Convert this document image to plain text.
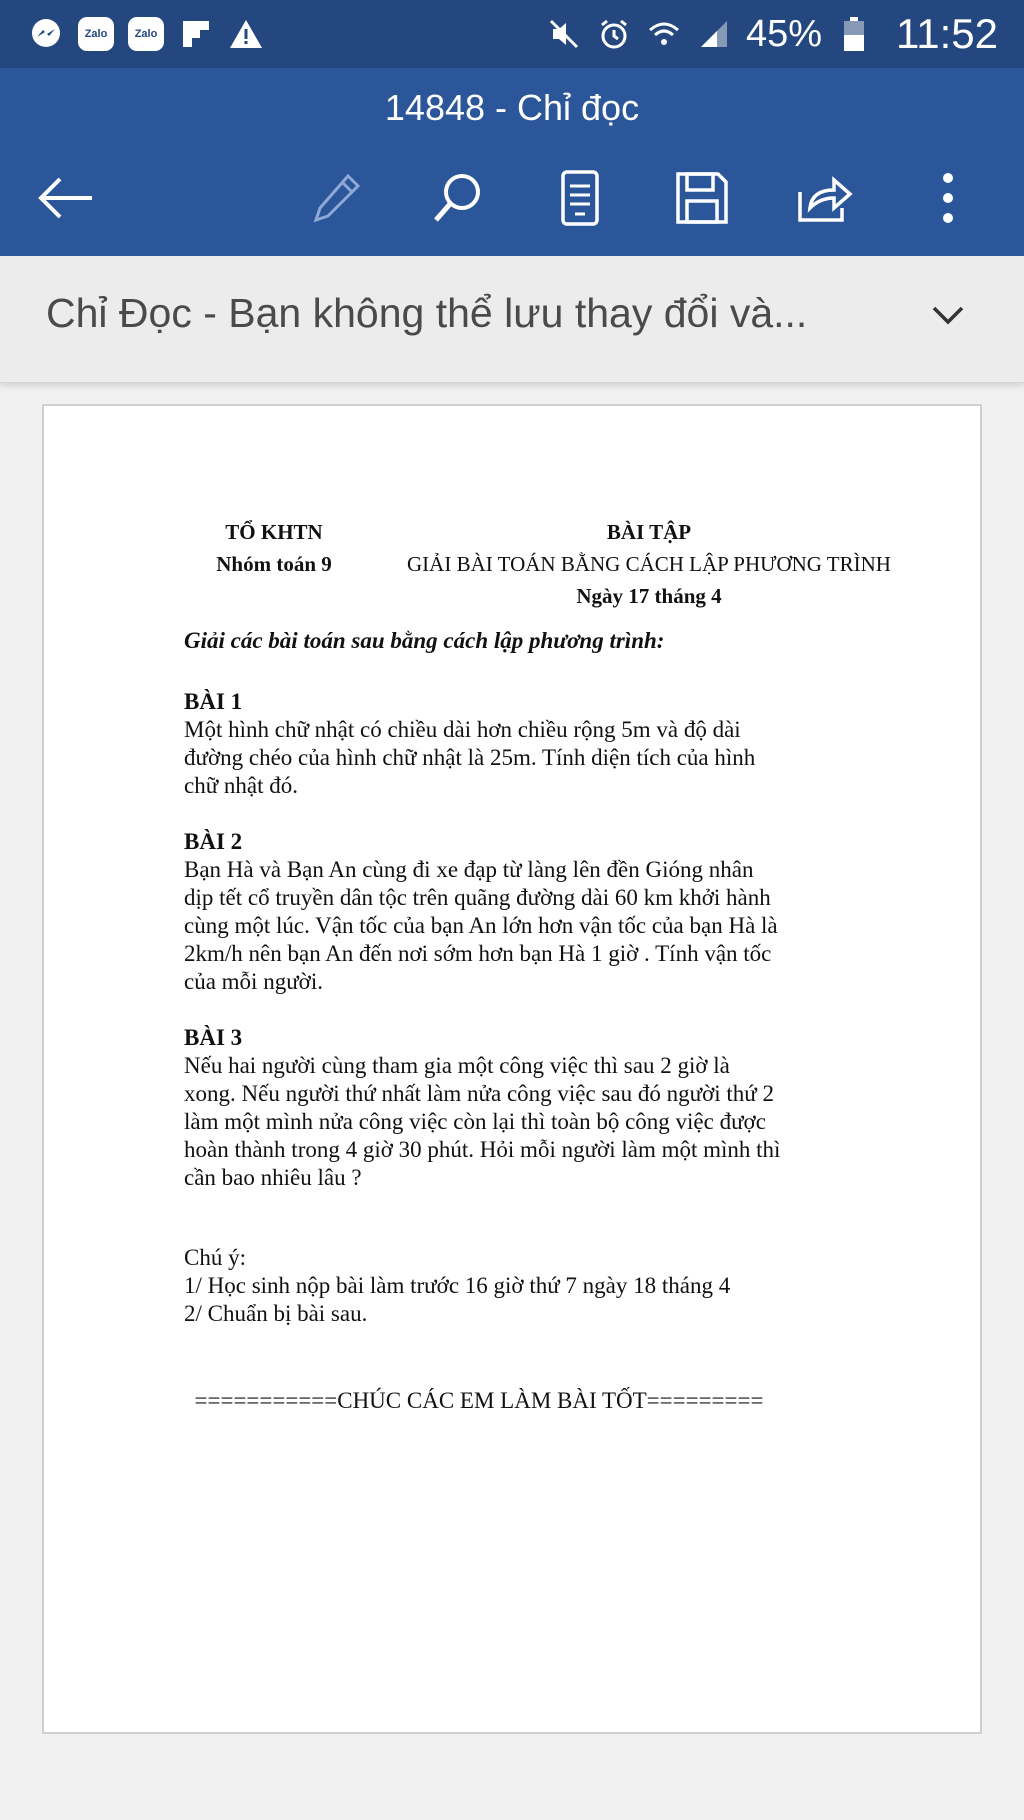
Zalo	Zalo	45% 11:52
14848 - Chỉ đọc
Chỉ Đọc - Bạn không thể lưu thay đổi và...
TỔ KHTN
Nhóm toán 9
BÀI TẬP
GIẢI BÀI TOÁN BẰNG CÁCH LẬP PHƯƠNG TRÌNH
Ngày 17 tháng 4
Giải các bài toán sau bằng cách lập phương trình:
BÀI 1
Một hình chữ nhật có chiều dài hơn chiều rộng 5m và độ dài
đường chéo của hình chữ nhật là 25m. Tính diện tích của hình
chữ nhật đó.
BÀI 2
Bạn Hà và Bạn An cùng đi xe đạp từ làng lên đền Gióng nhân
dịp tết cổ truyền dân tộc trên quãng đường dài 60 km khởi hành
cùng một lúc. Vận tốc của bạn An lớn hơn vận tốc của bạn Hà là
2km/h nên bạn An đến nơi sớm hơn bạn Hà 1 giờ . Tính vận tốc
của mỗi người.
BÀI 3
Nếu hai người cùng tham gia một công việc thì sau 2 giờ là
xong. Nếu người thứ nhất làm nửa công việc sau đó người thứ 2
làm một mình nửa công việc còn lại thì toàn bộ công việc được
hoàn thành trong 4 giờ 30 phút. Hỏi mỗi người làm một mình thì
cần bao nhiêu lâu ?
Chú ý:
1/ Học sinh nộp bài làm trước 16 giờ thứ 7 ngày 18 tháng 4
2/ Chuẩn bị bài sau.
===========CHÚC CÁC EM LÀM BÀI TỐT=========
